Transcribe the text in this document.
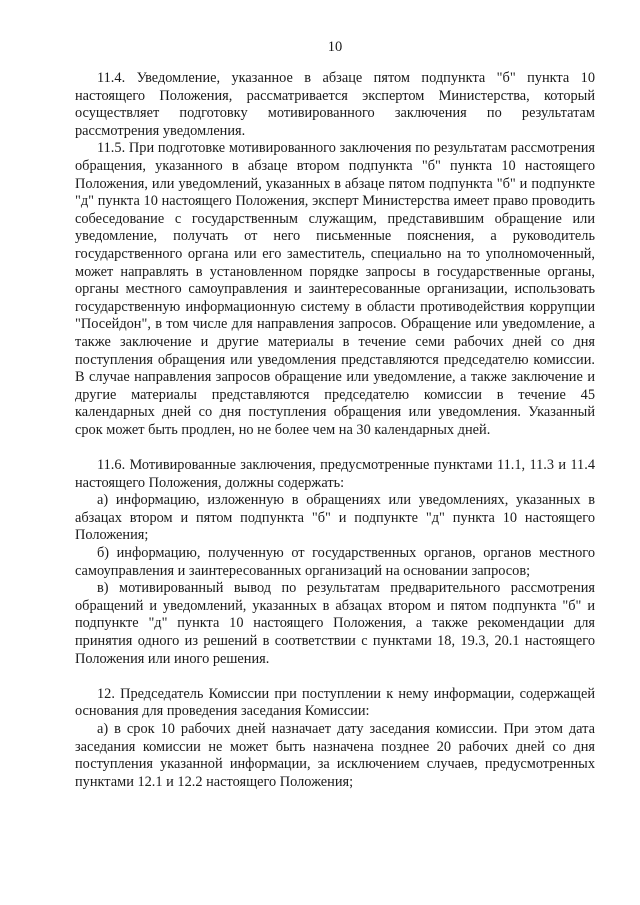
10

11.4. Уведомление, указанное в абзаце пятом подпункта "б" пункта 10 настоящего Положения, рассматривается экспертом Министерства, который осуществляет подготовку мотивированного заключения по результатам рассмотрения уведомления.

11.5. При подготовке мотивированного заключения по результатам рассмотрения обращения, указанного в абзаце втором подпункта "б" пункта 10 настоящего Положения, или уведомлений, указанных в абзаце пятом подпункта "б" и подпункте "д" пункта 10 настоящего Положения, эксперт Министерства имеет право проводить собеседование с государственным служащим, представившим обращение или уведомление, получать от него письменные пояснения, а руководитель государственного органа или его заместитель, специально на то уполномоченный, может направлять в установленном порядке запросы в государственные органы, органы местного самоуправления и заинтересованные организации, использовать государственную информационную систему в области противодействия коррупции "Посейдон", в том числе для направления запросов. Обращение или уведомление, а также заключение и другие материалы в течение семи рабочих дней со дня поступления обращения или уведомления представляются председателю комиссии. В случае направления запросов обращение или уведомление, а также заключение и другие материалы представляются председателю комиссии в течение 45 календарных дней со дня поступления обращения или уведомления. Указанный срок может быть продлен, но не более чем на 30 календарных дней.

11.6. Мотивированные заключения, предусмотренные пунктами 11.1, 11.3 и 11.4 настоящего Положения, должны содержать:

а) информацию, изложенную в обращениях или уведомлениях, указанных в абзацах втором и пятом подпункта "б" и подпункте "д" пункта 10 настоящего Положения;

б) информацию, полученную от государственных органов, органов местного самоуправления и заинтересованных организаций на основании запросов;

в) мотивированный вывод по результатам предварительного рассмотрения обращений и уведомлений, указанных в абзацах втором и пятом подпункта "б" и подпункте "д" пункта 10 настоящего Положения, а также рекомендации для принятия одного из решений в соответствии с пунктами 18, 19.3, 20.1 настоящего Положения или иного решения.

12. Председатель Комиссии при поступлении к нему информации, содержащей основания для проведения заседания Комиссии:

а) в срок 10 рабочих дней назначает дату заседания комиссии. При этом дата заседания комиссии не может быть назначена позднее 20 рабочих дней со дня поступления указанной информации, за исключением случаев, предусмотренных пунктами 12.1 и 12.2 настоящего Положения;
